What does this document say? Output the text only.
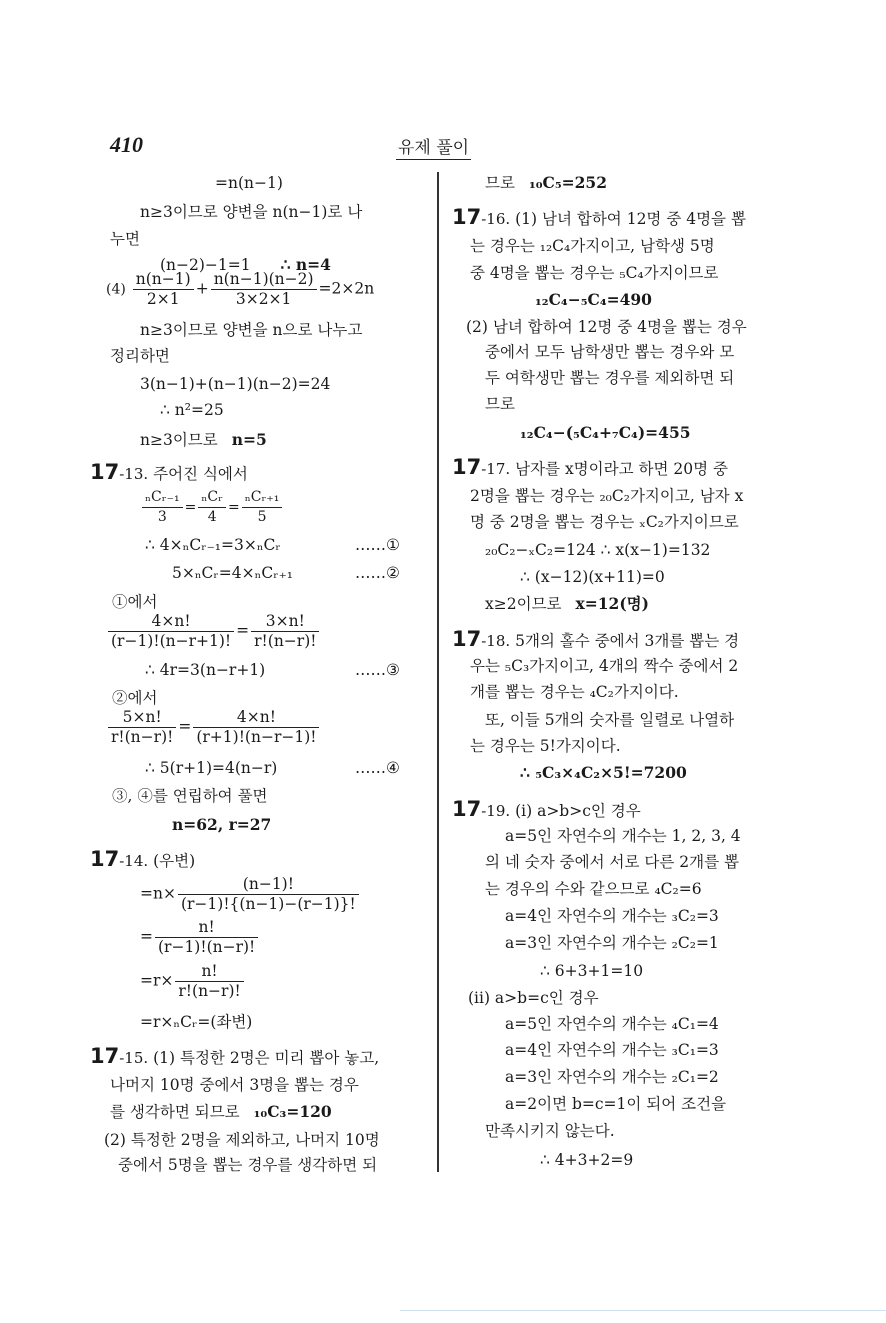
410	유제 풀이
=n(n−1)
n≥3이므로 양변을 n(n−1)로 나
누면
(n−2)−1=1 ∴ n=4
$(4) \frac{n(n-1)}{2\times 1} + \frac{n(n-1)(n-2)}{3\times 2\times 1} =2\times 2n$
n≥3이므로 양변을 n으로 나누고
정리하면
3(n−1)+(n−1)(n−2)=24
∴ n²=25
n≥3이므로 n=5
17-13. 주어진 식에서
$\frac{\text{ₙCᵣ₋₁}}{3} = \frac{\text{ₙCᵣ}}{4} = \frac{\text{ₙCᵣ₊₁}}{5}$
∴ 4×ₙCᵣ₋₁=3×ₙCᵣ	……①
5×ₙCᵣ=4×ₙCᵣ₊₁	……②
①에서
$\frac{4\times n!}{(r-1)!(n-r+1)!} = \frac{3\times n!}{r!(n-r)!}$
∴ 4r=3(n−r+1)	……③
②에서
$\frac{5\times n!}{r!(n-r)!} = \frac{4\times n!}{(r+1)!(n-r-1)!}$
∴ 5(r+1)=4(n−r)	……④
③, ④를 연립하여 풀면
n=62, r=27
17-14. (우변)
$=n\times \frac{(n-1)!}{(r-1)!\{(n-1)-(r-1)\}!}$
= $\frac{n!}{(r-1)!(n-r)!}$
$=r\times \frac{n!}{r!(n-r)!}$
=r×ₙCᵣ=(좌변)
17-15. (1) 특정한 2명은 미리 뽑아 놓고,
나머지 10명 중에서 3명을 뽑는 경우
를 생각하면 되므로 ₁₀C₃=120
(2) 특정한 2명을 제외하고, 나머지 10명
중에서 5명을 뽑는 경우를 생각하면 되
므로 ₁₀C₅=252
17-16. (1) 남녀 합하여 12명 중 4명을 뽑
는 경우는 ₁₂C₄가지이고, 남학생 5명
중 4명을 뽑는 경우는 ₅C₄가지이므로
₁₂C₄−₅C₄=490
(2) 남녀 합하여 12명 중 4명을 뽑는 경우
중에서 모두 남학생만 뽑는 경우와 모
두 여학생만 뽑는 경우를 제외하면 되
므로
₁₂C₄−(₅C₄+₇C₄)=455
17-17. 남자를 x명이라고 하면 20명 중
2명을 뽑는 경우는 ₂₀C₂가지이고, 남자 x
명 중 2명을 뽑는 경우는 ₓC₂가지이므로
₂₀C₂−ₓC₂=124 ∴ x(x−1)=132
∴ (x−12)(x+11)=0
x≥2이므로 x=12(명)
17-18. 5개의 홀수 중에서 3개를 뽑는 경
우는 ₅C₃가지이고, 4개의 짝수 중에서 2
개를 뽑는 경우는 ₄C₂가지이다.
또, 이들 5개의 숫자를 일렬로 나열하
는 경우는 5!가지이다.
∴ ₅C₃×₄C₂×5!=7200
17-19. (i) a>b>c인 경우
a=5인 자연수의 개수는 1, 2, 3, 4
의 네 숫자 중에서 서로 다른 2개를 뽑
는 경우의 수와 같으므로 ₄C₂=6
a=4인 자연수의 개수는 ₃C₂=3
a=3인 자연수의 개수는 ₂C₂=1
∴ 6+3+1=10
(ii) a>b=c인 경우
a=5인 자연수의 개수는 ₄C₁=4
a=4인 자연수의 개수는 ₃C₁=3
a=3인 자연수의 개수는 ₂C₁=2
a=2이면 b=c=1이 되어 조건을
만족시키지 않는다.
∴ 4+3+2=9
